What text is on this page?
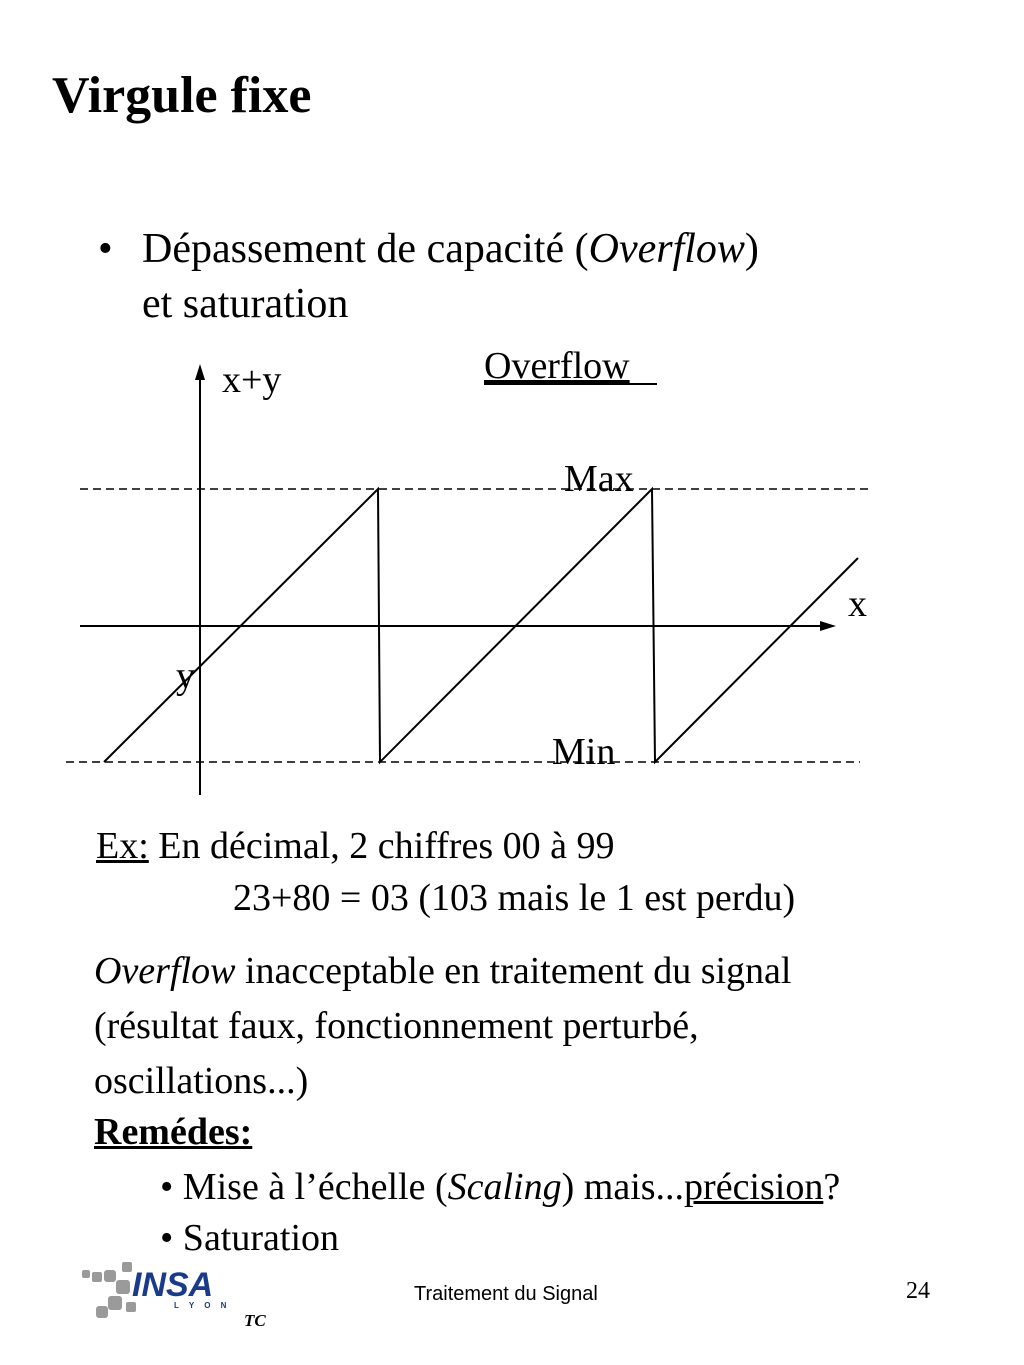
Virgule fixe
• Dépassement de capacité (Overflow)
et saturation
Overflow
x+y
x
y
Max
Min
Ex: En décimal, 2 chiffres 00 à 99
23+80 = 03 (103 mais le 1 est perdu)
Overflow inacceptable en traitement du signal
(résultat faux, fonctionnement perturbé,
oscillations...)
Remédes:
• Mise à l’échelle (Scaling) mais...précision?
• Saturation
INSA
L Y O N
TC
Traitement du Signal	24
